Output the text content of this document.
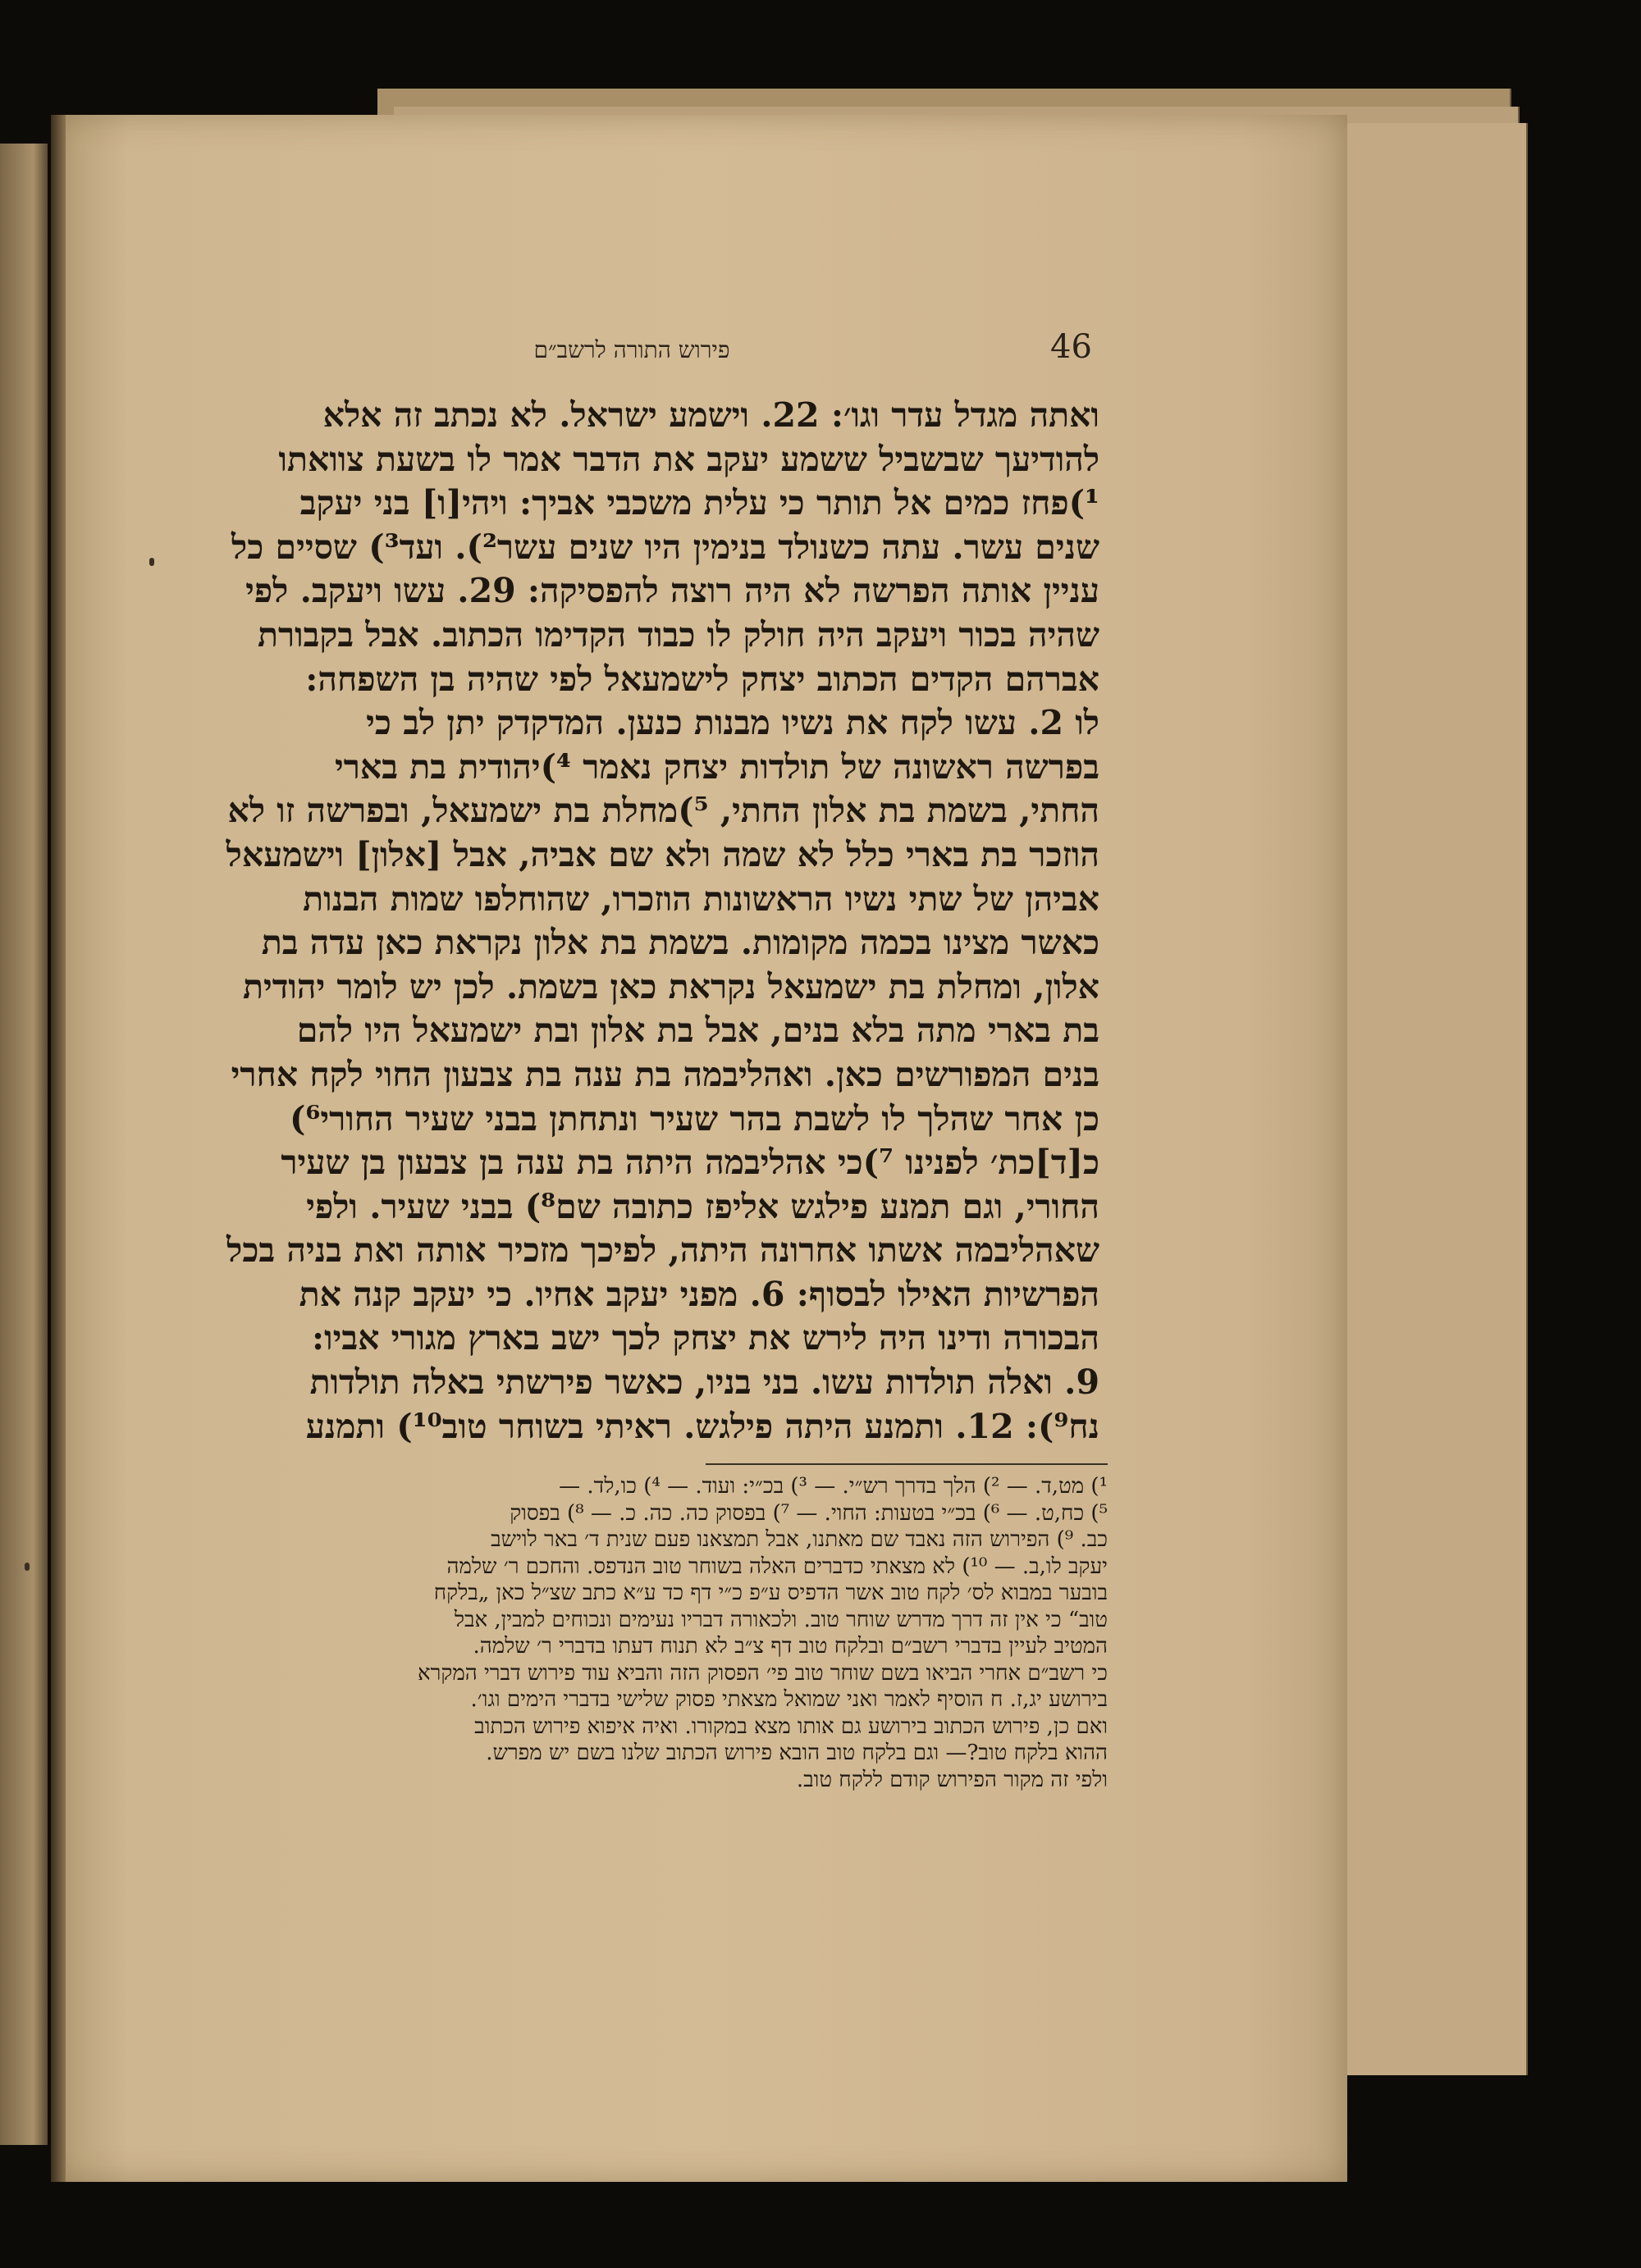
46
פירוש התורה לרשב״ם

ואתה מגדל עדר וגו׳: 22. וישמע ישראל. לא נכתב זה אלא

להודיעך שבשביל ששמע יעקב את הדבר אמר לו בשעת צוואתו

¹)פחז כמים אל תותר כי עלית משכבי אביך: ויהי[ו] בני יעקב

שנים עשר. עתה כשנולד בנימין היו שנים עשר²). ועד³) שסיים כל

עניין אותה הפרשה לא היה רוצה להפסיקה: 29. עשו ויעקב. לפי

שהיה בכור ויעקב היה חולק לו כבוד הקדימו הכתוב. אבל בקבורת

אברהם הקדים הכתוב יצחק לישמעאל לפי שהיה בן השפחה:

לו 2. עשו לקח את נשיו מבנות כנען. המדקדק יתן לב כי

בפרשה ראשונה של תולדות יצחק נאמר ⁴)יהודית בת בארי

החתי, בשמת בת אלון החתי, ⁵)מחלת בת ישמעאל, ובפרשה זו לא

הוזכר בת בארי כלל לא שמה ולא שם אביה, אבל [אלון] וישמעאל

אביהן של שתי נשיו הראשונות הוזכרו, שהוחלפו שמות הבנות

כאשר מצינו בכמה מקומות. בשמת בת אלון נקראת כאן עדה בת

אלון, ומחלת בת ישמעאל נקראת כאן בשמת. לכן יש לומר יהודית

בת בארי מתה בלא בנים, אבל בת אלון ובת ישמעאל היו להם

בנים המפורשים כאן. ואהליבמה בת ענה בת צבעון החוי לקח אחרי

כן אחר שהלך לו לשבת בהר שעיר ונתחתן בבני שעיר החורי⁶)

כ[ד]כת׳ לפנינו ⁷)כי אהליבמה היתה בת ענה בן צבעון בן שעיר

החורי, וגם תמנע פילגש אליפז כתובה שם⁸) בבני שעיר. ולפי

שאהליבמה אשתו אחרונה היתה, לפיכך מזכיר אותה ואת בניה בכל

הפרשיות האילו לבסוף: 6. מפני יעקב אחיו. כי יעקב קנה את

הבכורה ודינו היה לירש את יצחק לכך ישב בארץ מגורי אביו:

9. ואלה תולדות עשו. בני בניו, כאשר פירשתי באלה תולדות

נח⁹): 12. ותמנע היתה פילגש. ראיתי בשוחר טוב¹⁰) ותמנע

¹) מט,ד. — ²) הלך בדרך רש״י. — ³) בכ״י: ועוד. — ⁴) כו,לד. —

⁵) כח,ט. — ⁶) בכ״י בטעות: החוי. — ⁷) בפסוק כה. כה. כ. — ⁸) בפסוק

כב. ⁹) הפירוש הזה נאבד שם מאתנו, אבל תמצאנו פעם שנית ד׳ באר לוישב

יעקב לו,ב. — ¹⁰) לא מצאתי כדברים האלה בשוחר טוב הנדפס. והחכם ר׳ שלמה

בובער במבוא לס׳ לקח טוב אשר הדפיס ע״פ כ״י דף כד ע״א כתב שצ״ל כאן „בלקח

טוב“ כי אין זה דרך מדרש שוחר טוב. ולכאורה דבריו נעימים ונכוחים למבין, אבל

המטיב לעיין בדברי רשב״ם ובלקח טוב דף צ״ב לא תנוח דעתו בדברי ר׳ שלמה.

כי רשב״ם אחרי הביאו בשם שוחר טוב פי׳ הפסוק הזה והביא עוד פירוש דברי המקרא

בירושע יג,ז. ח הוסיף לאמר ואני שמואל מצאתי פסוק שלישי בדברי הימים וגו׳.

ואם כן, פירוש הכתוב בירושע גם אותו מצא במקורו. ואיה איפוא פירוש הכתוב

ההוא בלקח טוב?— וגם בלקח טוב הובא פירוש הכתוב שלנו בשם יש מפרש.

ולפי זה מקור הפירוש קודם ללקח טוב.
